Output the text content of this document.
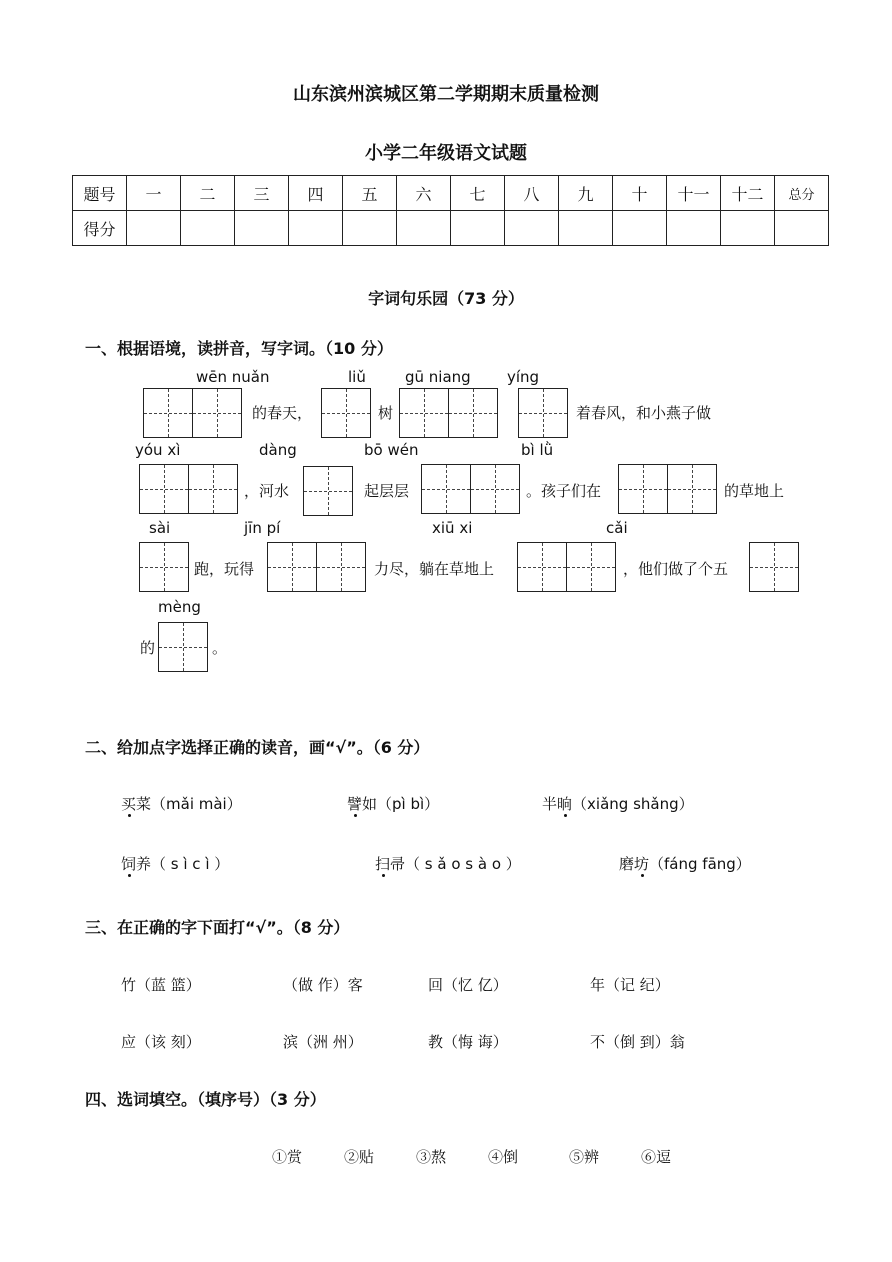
山东滨州滨城区第二学期期末质量检测
小学二年级语文试题
题号	一	二	三	四	五	六	七	八	九	十	十一	十二	总分
得分													
字词句乐园（73 分）
一、根据语境，读拼音，写字词。（10 分）
wēn nuǎn	liǔ	gū niang yíng
的春天，	树	着春风，和小燕子做
yóu xì	dàng	bō wén	bì lǜ
，河水	起层层	。孩子们在	的草地上
sài	jīn pí	xiū xi	cǎi
跑，玩得	力尽，躺在草地上	，他们做了个五
mèng
的	。
二、给加点字选择正确的读音，画“√”。（6 分）
买菜（mǎi mài）	譬如（pì bì）	半晌（xiǎng shǎng）
饲养（ s ì c ì ）	扫帚（ s ǎ o s à o ）	磨坊（fáng fāng）
三、在正确的字下面打“√”。（8 分）
竹（蓝 篮）	（做 作）客	回（忆 亿）	年（记 纪）
应（该 刻）	滨（洲 州）	教（悔 诲）	不（倒 到）翁
四、选词填空。（填序号）（3 分）
①赏	②贴	③熬	④倒	⑤辨	⑥逗
